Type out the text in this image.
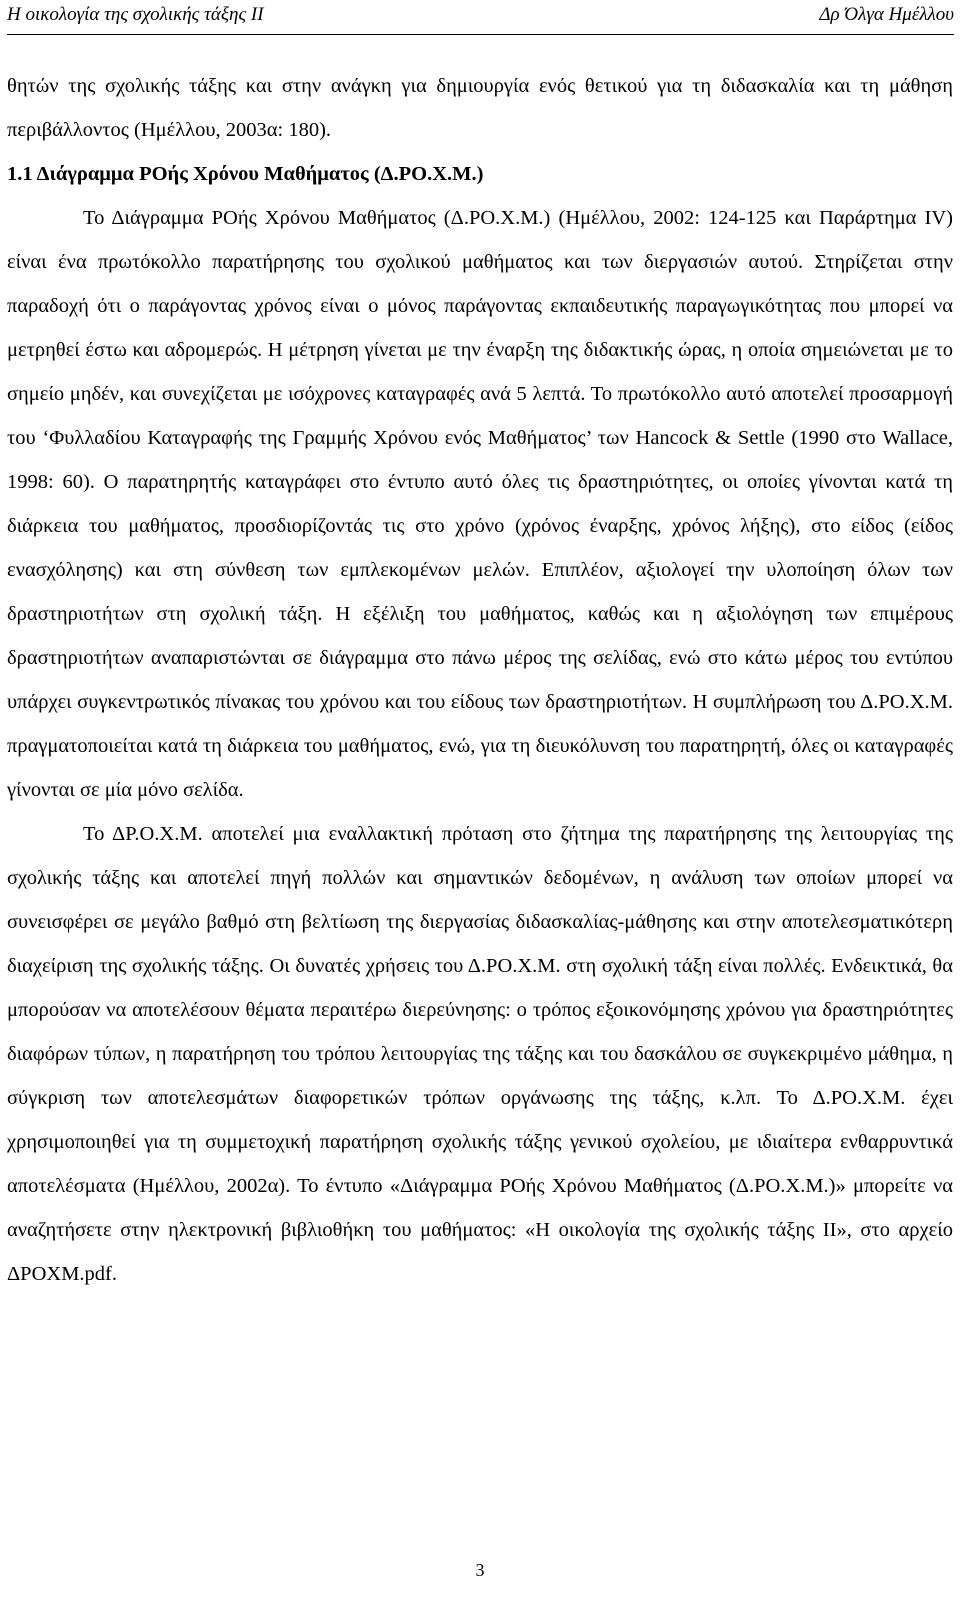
Η οικολογία της σχολικής τάξης ΙΙ	Δρ Όλγα Ημέλλου

θητών της σχολικής τάξης και στην ανάγκη για δημιουργία ενός θετικού για τη διδασκαλία και τη μάθηση περιβάλλοντος (Ημέλλου, 2003α: 180).

1.1 Διάγραμμα ΡΟής Χρόνου Μαθήματος (Δ.ΡΟ.Χ.Μ.)

Το Διάγραμμα ΡΟής Χρόνου Μαθήματος (Δ.ΡΟ.Χ.Μ.) (Ημέλλου, 2002: 124-125 και Παράρτημα IV) είναι ένα πρωτόκολλο παρατήρησης του σχολικού μαθήματος και των διεργασιών αυτού. Στηρίζεται στην παραδοχή ότι ο παράγοντας χρόνος είναι ο μόνος παράγοντας εκπαιδευτικής παραγωγικότητας που μπορεί να μετρηθεί έστω και αδρομερώς. Η μέτρηση γίνεται με την έναρξη της διδακτικής ώρας, η οποία σημειώνεται με το σημείο μηδέν, και συνεχίζεται με ισόχρονες καταγραφές ανά 5 λεπτά. Το πρωτόκολλο αυτό αποτελεί προσαρμογή του ‘Φυλλαδίου Καταγραφής της Γραμμής Χρόνου ενός Μαθήματος’ των Hancock & Settle (1990 στο Wallace, 1998: 60). Ο παρατηρητής καταγράφει στο έντυπο αυτό όλες τις δραστηριότητες, οι οποίες γίνονται κατά τη διάρκεια του μαθήματος, προσδιορίζοντάς τις στο χρόνο (χρόνος έναρξης, χρόνος λήξης), στο είδος (είδος ενασχόλησης) και στη σύνθεση των εμπλεκομένων μελών. Επιπλέον, αξιολογεί την υλοποίηση όλων των δραστηριοτήτων στη σχολική τάξη. Η εξέλιξη του μαθήματος, καθώς και η αξιολόγηση των επιμέρους δραστηριοτήτων αναπαριστώνται σε διάγραμμα στο πάνω μέρος της σελίδας, ενώ στο κάτω μέρος του εντύπου υπάρχει συγκεντρωτικός πίνακας του χρόνου και του είδους των δραστηριοτήτων. Η συμπλήρωση του Δ.ΡΟ.Χ.Μ. πραγματοποιείται κατά τη διάρκεια του μαθήματος, ενώ, για τη διευκόλυνση του παρατηρητή, όλες οι καταγραφές γίνονται σε μία μόνο σελίδα.

Το ΔΡ.Ο.Χ.Μ. αποτελεί μια εναλλακτική πρόταση στο ζήτημα της παρατήρησης της λειτουργίας της σχολικής τάξης και αποτελεί πηγή πολλών και σημαντικών δεδομένων, η ανάλυση των οποίων μπορεί να συνεισφέρει σε μεγάλο βαθμό στη βελτίωση της διεργασίας διδασκαλίας-μάθησης και στην αποτελεσματικότερη διαχείριση της σχολικής τάξης. Οι δυνατές χρήσεις του Δ.ΡΟ.Χ.Μ. στη σχολική τάξη είναι πολλές. Ενδεικτικά, θα μπορούσαν να αποτελέσουν θέματα περαιτέρω διερεύνησης: ο τρόπος εξοικονόμησης χρόνου για δραστηριότητες διαφόρων τύπων, η παρατήρηση του τρόπου λειτουργίας της τάξης και του δασκάλου σε συγκεκριμένο μάθημα, η σύγκριση των αποτελεσμάτων διαφορετικών τρόπων οργάνωσης της τάξης, κ.λπ. Το Δ.ΡΟ.Χ.Μ. έχει χρησιμοποιηθεί για τη συμμετοχική παρατήρηση σχολικής τάξης γενικού σχολείου, με ιδιαίτερα ενθαρρυντικά αποτελέσματα (Ημέλλου, 2002α). Το έντυπο «Διάγραμμα ΡΟής Χρόνου Μαθήματος (Δ.ΡΟ.Χ.Μ.)» μπορείτε να αναζητήσετε στην ηλεκτρονική βιβλιοθήκη του μαθήματος: «Η οικολογία της σχολικής τάξης ΙΙ», στο αρχείο ΔΡΟΧΜ.pdf.

3
